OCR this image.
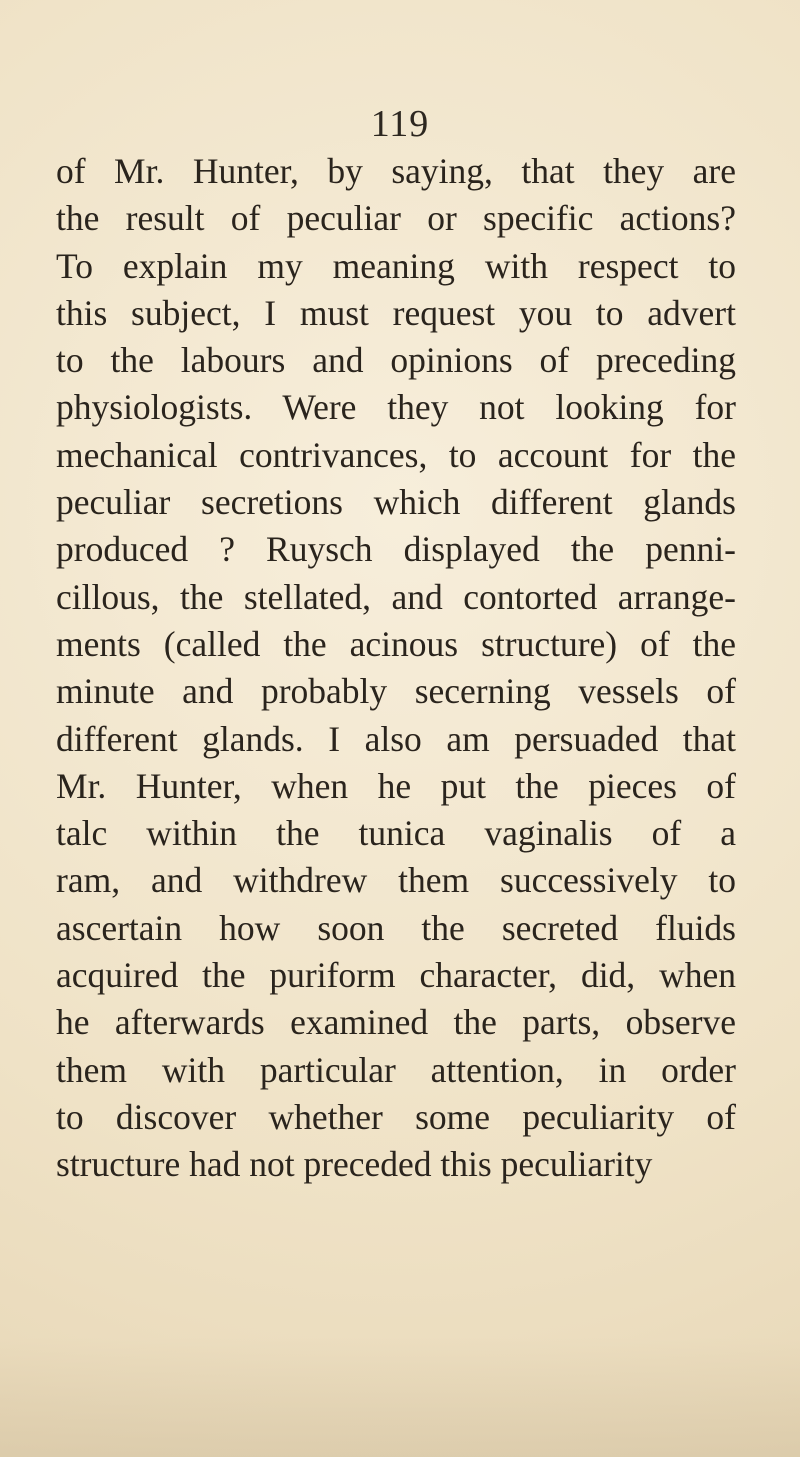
119
of Mr. Hunter, by saying, that they are
the result of peculiar or specific actions?
To explain my meaning with respect to
this subject, I must request you to advert
to the labours and opinions of preceding
physiologists. Were they not looking for
mechanical contrivances, to account for the
peculiar secretions which different glands
produced ? Ruysch displayed the penni-
cillous, the stellated, and contorted arrange-
ments (called the acinous structure) of the
minute and probably secerning vessels of
different glands. I also am persuaded that
Mr. Hunter, when he put the pieces of
talc within the tunica vaginalis of a
ram, and withdrew them successively to
ascertain how soon the secreted fluids
acquired the puriform character, did, when
he afterwards examined the parts, observe
them with particular attention, in order
to discover whether some peculiarity of
structure had not preceded this peculiarity
